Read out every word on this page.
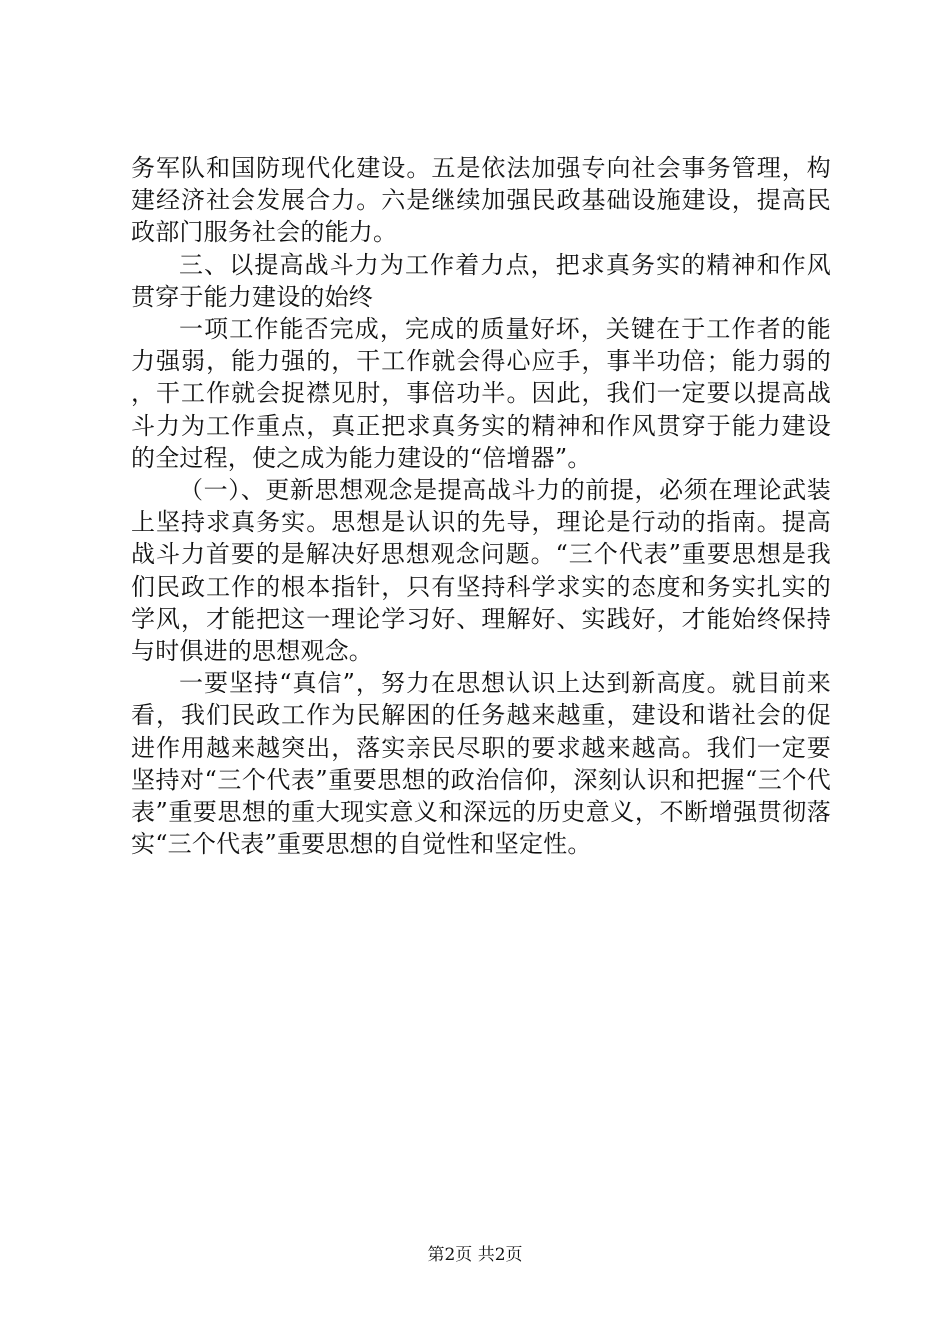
务军队和国防现代化建设。五是依法加强专向社会事务管理，构建经济社会发展合力。六是继续加强民政基础设施建设，提高民政部门服务社会的能力。

三、以提高战斗力为工作着力点，把求真务实的精神和作风贯穿于能力建设的始终

一项工作能否完成，完成的质量好坏，关键在于工作者的能力强弱，能力强的，干工作就会得心应手，事半功倍；能力弱的，干工作就会捉襟见肘，事倍功半。因此，我们一定要以提高战斗力为工作重点，真正把求真务实的精神和作风贯穿于能力建设的全过程，使之成为能力建设的“倍增器”。

（一）、更新思想观念是提高战斗力的前提，必须在理论武装上坚持求真务实。思想是认识的先导，理论是行动的指南。提高战斗力首要的是解决好思想观念问题。“三个代表”重要思想是我们民政工作的根本指针，只有坚持科学求实的态度和务实扎实的学风，才能把这一理论学习好、理解好、实践好，才能始终保持与时俱进的思想观念。

一要坚持“真信”，努力在思想认识上达到新高度。就目前来看，我们民政工作为民解困的任务越来越重，建设和谐社会的促进作用越来越突出，落实亲民尽职的要求越来越高。我们一定要坚持对“三个代表”重要思想的政治信仰，深刻认识和把握“三个代表”重要思想的重大现实意义和深远的历史意义，不断增强贯彻落实“三个代表”重要思想的自觉性和坚定性。

第2页 共2页
